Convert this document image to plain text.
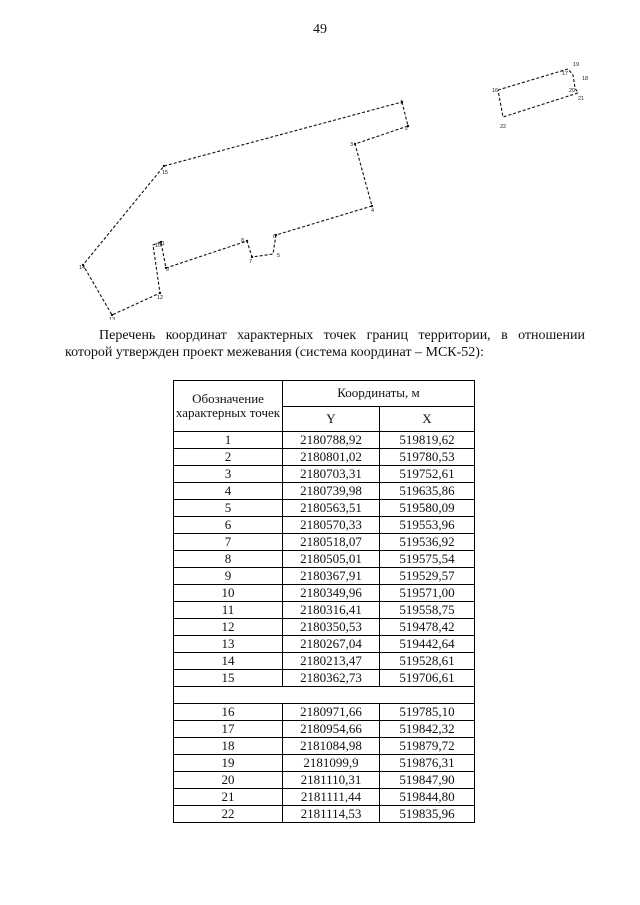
49
1
2
3
4
5
6
7
8
9
10
11
12
13
14
15
16
17
18
19
20
21
22
Перечень координат характерных точек границ территории, в отношении которой утвержден проект межевания (система координат – МСК-52):
Обозначение характерных точек	Координаты, м	
	Y	X
1	2180788,92	519819,62
2	2180801,02	519780,53
3	2180703,31	519752,61
4	2180739,98	519635,86
5	2180563,51	519580,09
6	2180570,33	519553,96
7	2180518,07	519536,92
8	2180505,01	519575,54
9	2180367,91	519529,57
10	2180349,96	519571,00
11	2180316,41	519558,75
12	2180350,53	519478,42
13	2180267,04	519442,64
14	2180213,47	519528,61
15	2180362,73	519706,61

16	2180971,66	519785,10
17	2180954,66	519842,32
18	2181084,98	519879,72
19	2181099,9	519876,31
20	2181110,31	519847,90
21	2181111,44	519844,80
22	2181114,53	519835,96
